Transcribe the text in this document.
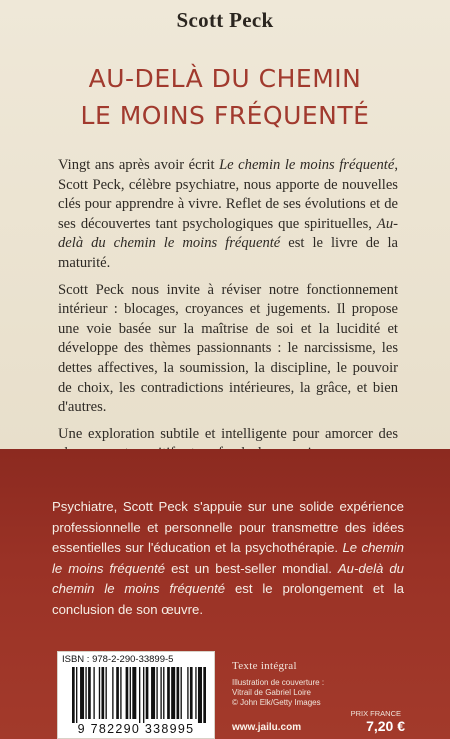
Scott Peck
AU-DELÀ DU CHEMIN
LE MOINS FRÉQUENTÉ

Vingt ans après avoir écrit Le chemin le moins fréquenté, Scott Peck, célèbre psychiatre, nous apporte de nouvelles clés pour apprendre à vivre. Reflet de ses évolutions et de ses découvertes tant psychologiques que spirituelles, Au-delà du chemin le moins fréquenté est le livre de la maturité.

Scott Peck nous invite à réviser notre fonctionnement intérieur : blocages, croyances et jugements. Il propose une voie basée sur la maîtrise de soi et la lucidité et développe des thèmes passionnants : le narcissisme, les dettes affectives, la soumission, la discipline, le pouvoir de choix, les contradictions intérieures, la grâce, et bien d'autres.

Une exploration subtile et intelligente pour amorcer des

Psychiatre, Scott Peck s'appuie sur une solide expérience professionnelle et personnelle pour transmettre des idées essentielles sur l'éducation et la psychothérapie. Le chemin le moins fréquenté est un best-seller mondial. Au-delà du chemin le moins fréquenté est le prolongement et la conclusion de son œuvre.
ISBN : 978-2-290-33899-5
9 782290 338995
Texte intégral
Illustration de couverture :
Vitrail de Gabriel Loire
© John Elk/Getty Images
www.jailu.com
PRIX FRANCE
7,20 €
